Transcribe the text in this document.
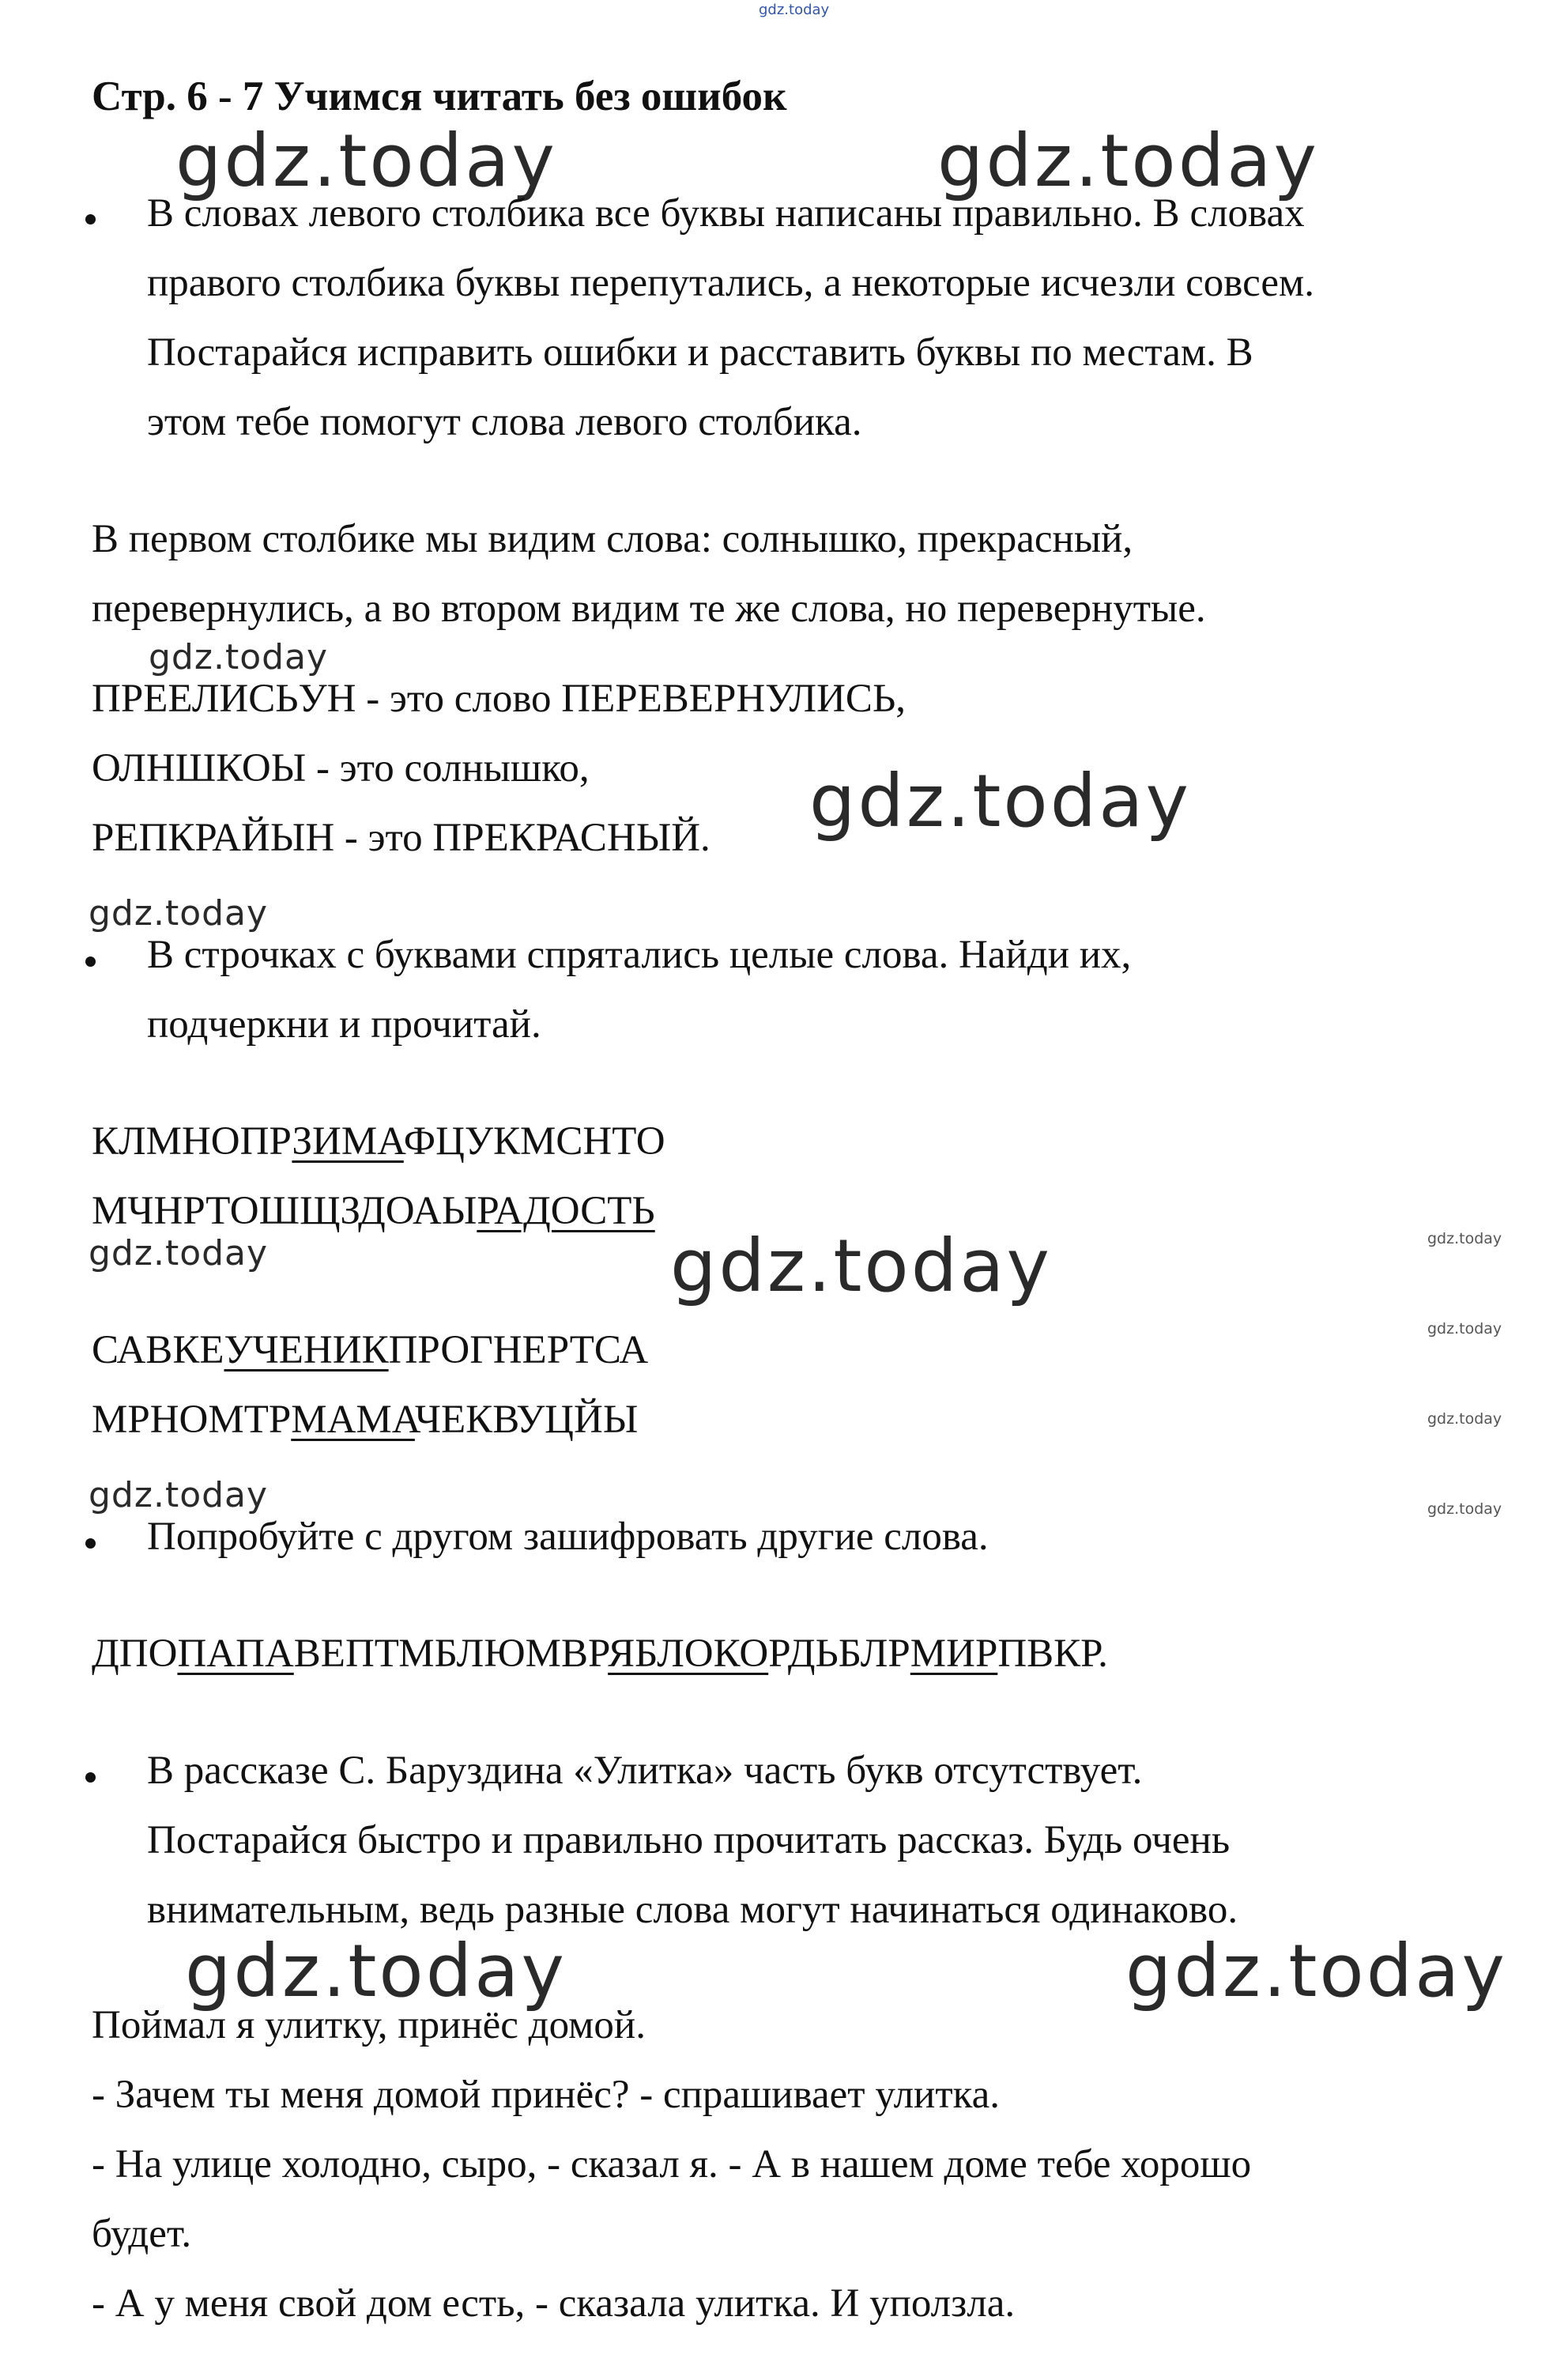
gdz.today
gdz.today	gdz.today
gdz.today
gdz.today
gdz.today
gdz.today	gdz.today	gdz.today
gdz.today
gdz.today
gdz.today	gdz.today
gdz.today	gdz.today
Стр. 6 - 7 Учимся читать без ошибок
В словах левого столбика все буквы написаны правильно. В словах
правого столбика буквы перепутались, а некоторые исчезли совсем.
Постарайся исправить ошибки и расставить буквы по местам. В
этом тебе помогут слова левого столбика.
В первом столбике мы видим слова: солнышко, прекрасный,
перевернулись, а во втором видим те же слова, но перевернутые.
ПРЕЕЛИСЬУН - это слово ПЕРЕВЕРНУЛИСЬ,
ОЛНШКОЫ - это солнышко,
РЕПКРАЙЫН - это ПРЕКРАСНЫЙ.
В строчках с буквами спрятались целые слова. Найди их,
подчеркни и прочитай.
КЛМНОПРЗИМАФЦУКМСНТО
МЧНРТОШЩЗДОАЫРАДОСТЬ
САВКЕУЧЕНИКПРОГНЕРТСА
МРНОМТРМАМАЧЕКВУЦЙЫ
Попробуйте с другом зашифровать другие слова.
ДПОПАПАВЕПТМБЛЮМВРЯБЛОКОРДЬБЛРМИРПВКР.
В рассказе С. Баруздина «Улитка» часть букв отсутствует.
Постарайся быстро и правильно прочитать рассказ. Будь очень
внимательным, ведь разные слова могут начинаться одинаково.
Поймал я улитку, принёс домой.
- Зачем ты меня домой принёс? - спрашивает улитка.
- На улице холодно, сыро, - сказал я. - А в нашем доме тебе хорошо
будет.
- А у меня свой дом есть, - сказала улитка. И уползла.
